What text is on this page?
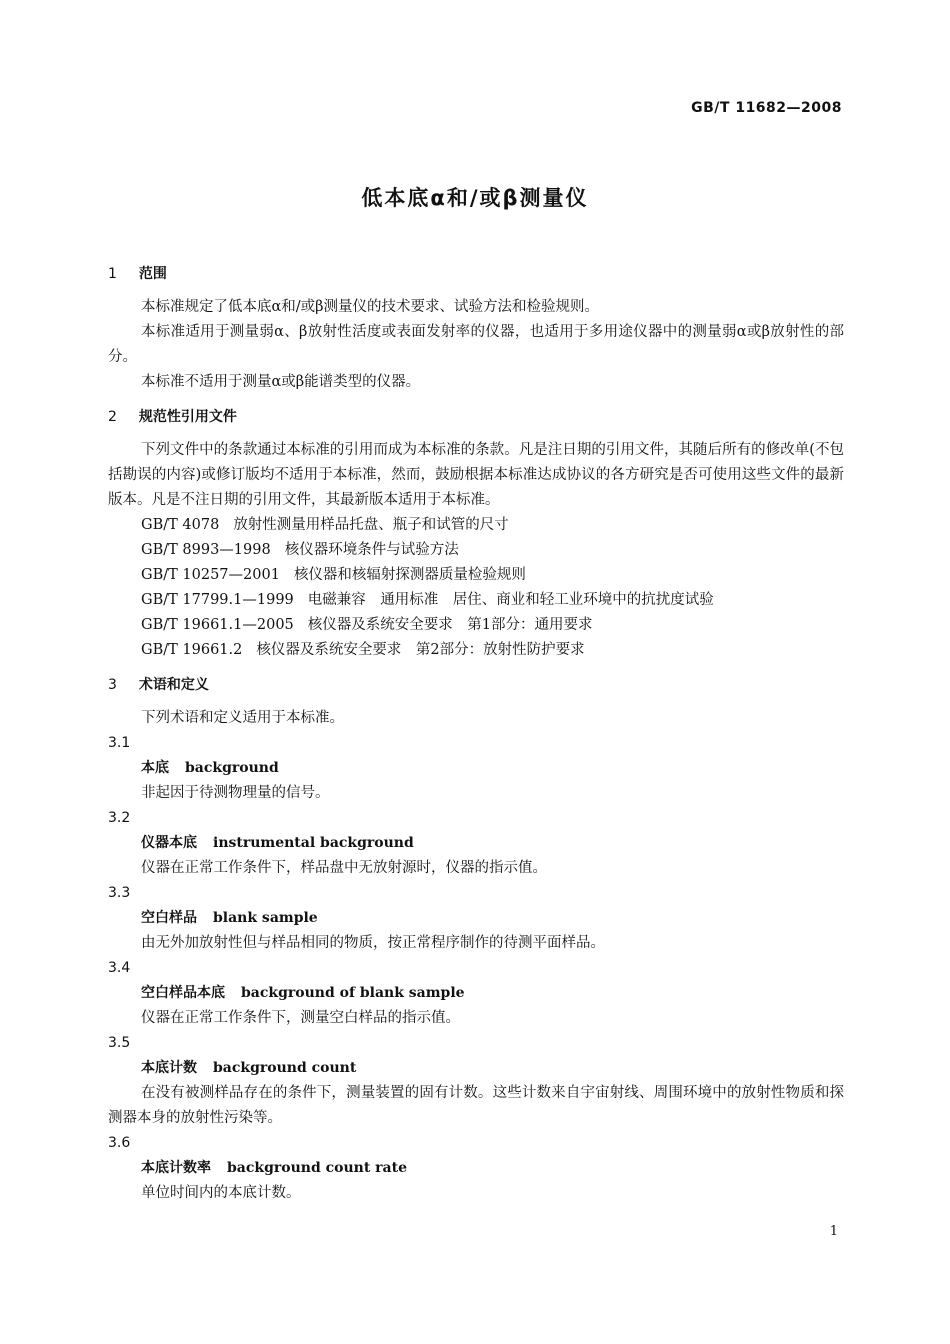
GB/T 11682—2008
低本底α和/或β测量仪
1 范围

本标准规定了低本底α和/或β测量仪的技术要求、试验方法和检验规则。

本标准适用于测量弱α、β放射性活度或表面发射率的仪器，也适用于多用途仪器中的测量弱α或β放射性的部分。

本标准不适用于测量α或β能谱类型的仪器。

2 规范性引用文件

下列文件中的条款通过本标准的引用而成为本标准的条款。凡是注日期的引用文件，其随后所有的修改单(不包括勘误的内容)或修订版均不适用于本标准，然而，鼓励根据本标准达成协议的各方研究是否可使用这些文件的最新版本。凡是不注日期的引用文件，其最新版本适用于本标准。

GB/T 4078 放射性测量用样品托盘、瓶子和试管的尺寸

GB/T 8993—1998 核仪器环境条件与试验方法

GB/T 10257—2001 核仪器和核辐射探测器质量检验规则

GB/T 17799.1—1999 电磁兼容　通用标准　居住、商业和轻工业环境中的抗扰度试验

GB/T 19661.1—2005 核仪器及系统安全要求　第1部分：通用要求

GB/T 19661.2 核仪器及系统安全要求　第2部分：放射性防护要求

3 术语和定义

下列术语和定义适用于本标准。

3.1

本底 background

非起因于待测物理量的信号。

3.2

仪器本底 instrumental background

仪器在正常工作条件下，样品盘中无放射源时，仪器的指示值。

3.3

空白样品 blank sample

由无外加放射性但与样品相同的物质，按正常程序制作的待测平面样品。

3.4

空白样品本底 background of blank sample

仪器在正常工作条件下，测量空白样品的指示值。

3.5

本底计数 background count

在没有被测样品存在的条件下，测量装置的固有计数。这些计数来自宇宙射线、周围环境中的放射性物质和探测器本身的放射性污染等。

3.6

本底计数率 background count rate

单位时间内的本底计数。

1
